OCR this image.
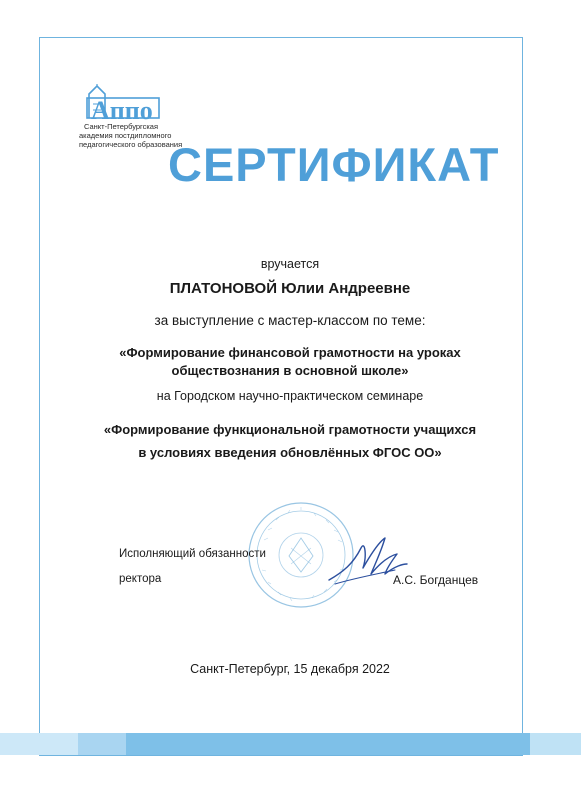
Аппо
Санкт-Петербургская
академия постдипломного
педагогического образования
СЕРТИФИКАТ
вручается
ПЛАТОНОВОЙ Юлии Андреевне
за выступление с мастер-классом по теме:
«Формирование финансовой грамотности на уроках
обществознания в основной школе»
на Городском научно-практическом семинаре
«Формирование функциональной грамотности учащихся
в условиях введения обновлённых ФГОС ОО»
Исполняющий обязанности
ректора	А.С. Богданцев
Санкт-Петербург, 15 декабря 2022
